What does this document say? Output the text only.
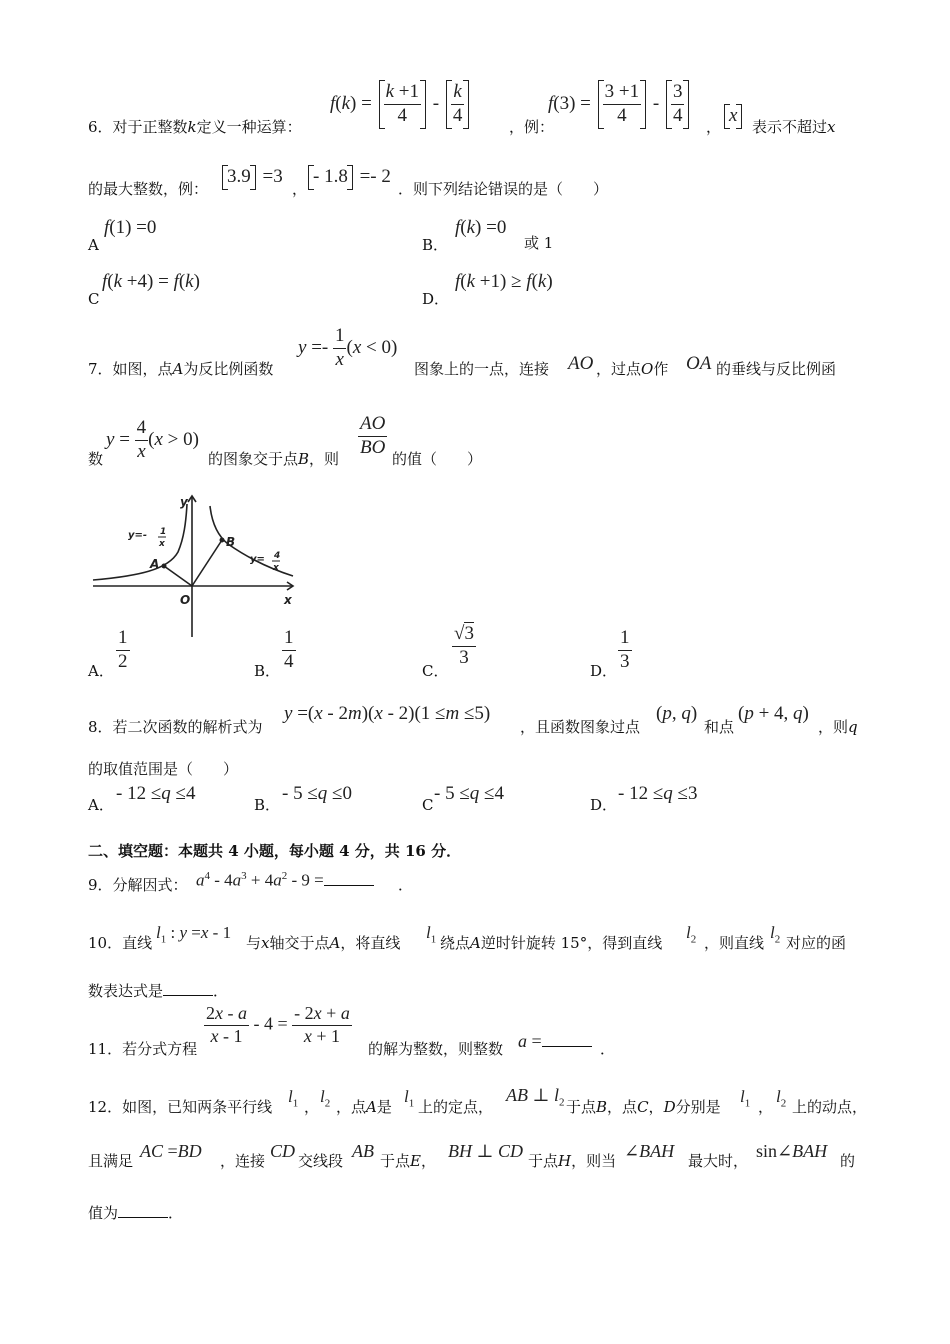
$f(k) = \frac{k +1}{4} - \frac{k}{4}$
，例：
$f(3) = \frac{3 +1}{4} - \frac{3}{4}$
，
x
6．对于正整数k定义一种运算：	表示不超过x
的最大整数，例：
3.9 =3
，
- 1.8 =- 2
．则下列结论错误的是（　　）
A
f(1) =0
B．
f(k) =0
或 1
C
f(k +4) = f(k)
D．
f(k +1) ≥ f(k)
7．如图，点A为反比例函数
$y =- \frac{1}{x} (x < 0)$
图象上的一点，连接 AO ，过点O作 OA 的垂线与反比例函
数
$y = \frac{4}{x} (x > 0)$
的图象交于点B，则
$\frac{AO}{BO}$
的值（　　）
y
x
O
A
B
y=-
y=
1
x
4
x
A． $\frac{1}{2}$	B． $\frac{1}{4}$	C．
$\frac{√3}{3}$
D． $\frac{1}{3}$
8．若二次函数的解析式为
y =(x - 2m)(x - 2)(1 ≤m ≤5)
，且函数图象过点
(p, q)
和点
(p + 4, q)
，则q
的取值范围是（　　）
A．
- 12 ≤q ≤4
B．
- 5 ≤q ≤0
C
- 5 ≤q ≤4
D．
- 12 ≤q ≤3
二、填空题：本题共 4 小题，每小题 4 分，共 16 分．
9．分解因式： $a^4 - 4a^3 + 4a^2 - 9$ =	．
10．直线
$l_1$ : y =x - 1
与x轴交于点A，将直线
$l_1$ 绕点A逆时针旋转 15°，得到直线
$l_2$ ，则直线
$l_2$ 对应的函
数表达式是	．
11．若分式方程
$\frac{2x - a}{x - 1} - 4 = \frac{- 2x + a}{x + 1}$
的解为整数，则整数 a =	．
12．如图，已知两条平行线
$l_1$ ，
$l_2$ ，点A是
$l_1$ 上的定点，
AB ⊥ $l_2$ 于点B，点C，D分别是
$l_1$ ，
$l_2$ 上的动点，
且满足 AC =BD ，连接 CD 交线段 AB 于点E， BH ⊥ CD 于点H，则当 ∠BAH 最大时， sin∠BAH 的
值为	．
